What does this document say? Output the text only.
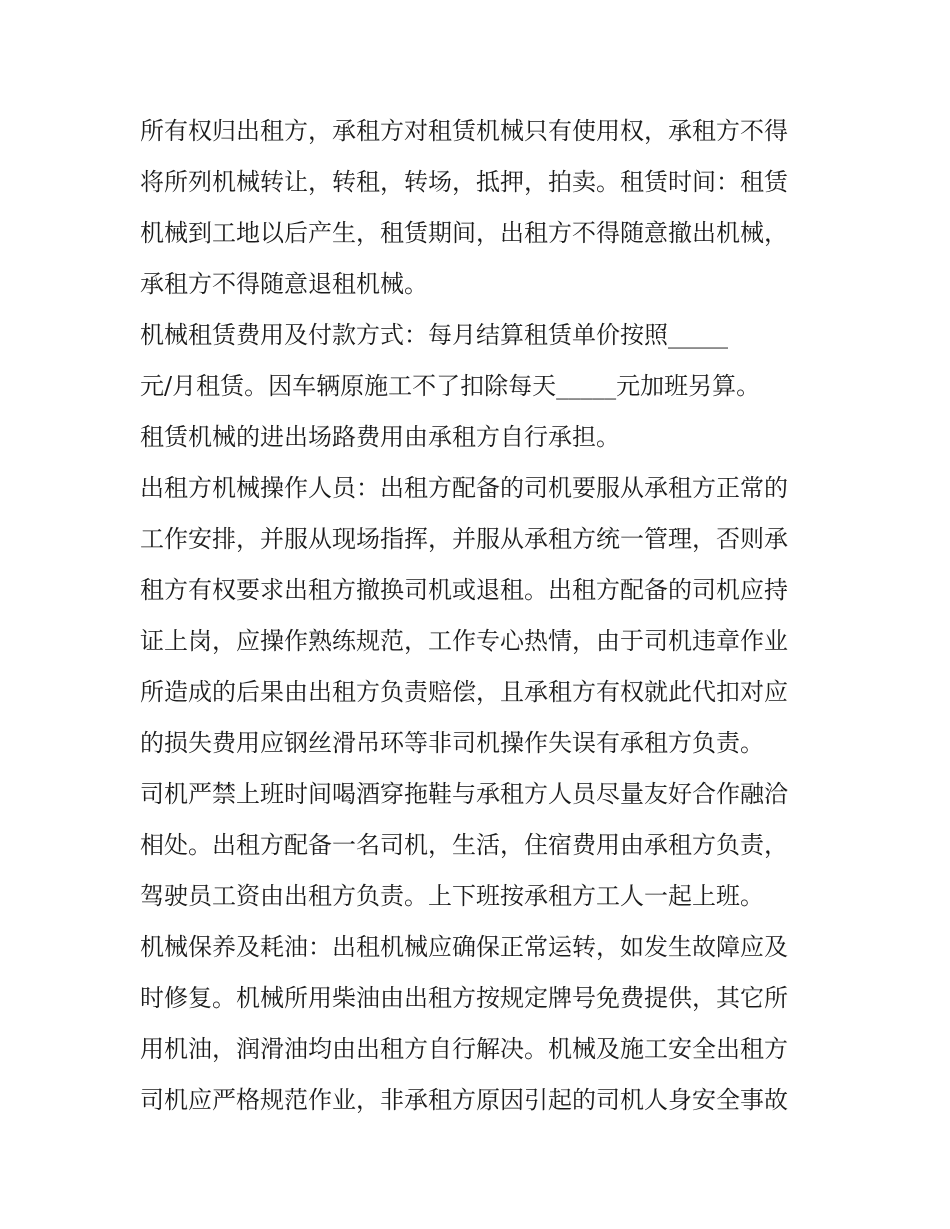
所有权归出租方，承租方对租赁机械只有使用权，承租方不得
将所列机械转让，转租，转场，抵押，拍卖。租赁时间：租赁
机械到工地以后产生，租赁期间，出租方不得随意撤出机械，
承租方不得随意退租机械。
机械租赁费用及付款方式：每月结算租赁单价按照_____
元/月租赁。因车辆原施工不了扣除每天_____元加班另算。
租赁机械的进出场路费用由承租方自行承担。
出租方机械操作人员：出租方配备的司机要服从承租方正常的
工作安排，并服从现场指挥，并服从承租方统一管理，否则承
租方有权要求出租方撤换司机或退租。出租方配备的司机应持
证上岗，应操作熟练规范，工作专心热情，由于司机违章作业
所造成的后果由出租方负责赔偿，且承租方有权就此代扣对应
的损失费用应钢丝滑吊环等非司机操作失误有承租方负责。
司机严禁上班时间喝酒穿拖鞋与承租方人员尽量友好合作融洽
相处。出租方配备一名司机，生活，住宿费用由承租方负责，
驾驶员工资由出租方负责。上下班按承租方工人一起上班。
机械保养及耗油：出租机械应确保正常运转，如发生故障应及
时修复。机械所用柴油由出租方按规定牌号免费提供，其它所
用机油，润滑油均由出租方自行解决。机械及施工安全出租方
司机应严格规范作业，非承租方原因引起的司机人身安全事故
